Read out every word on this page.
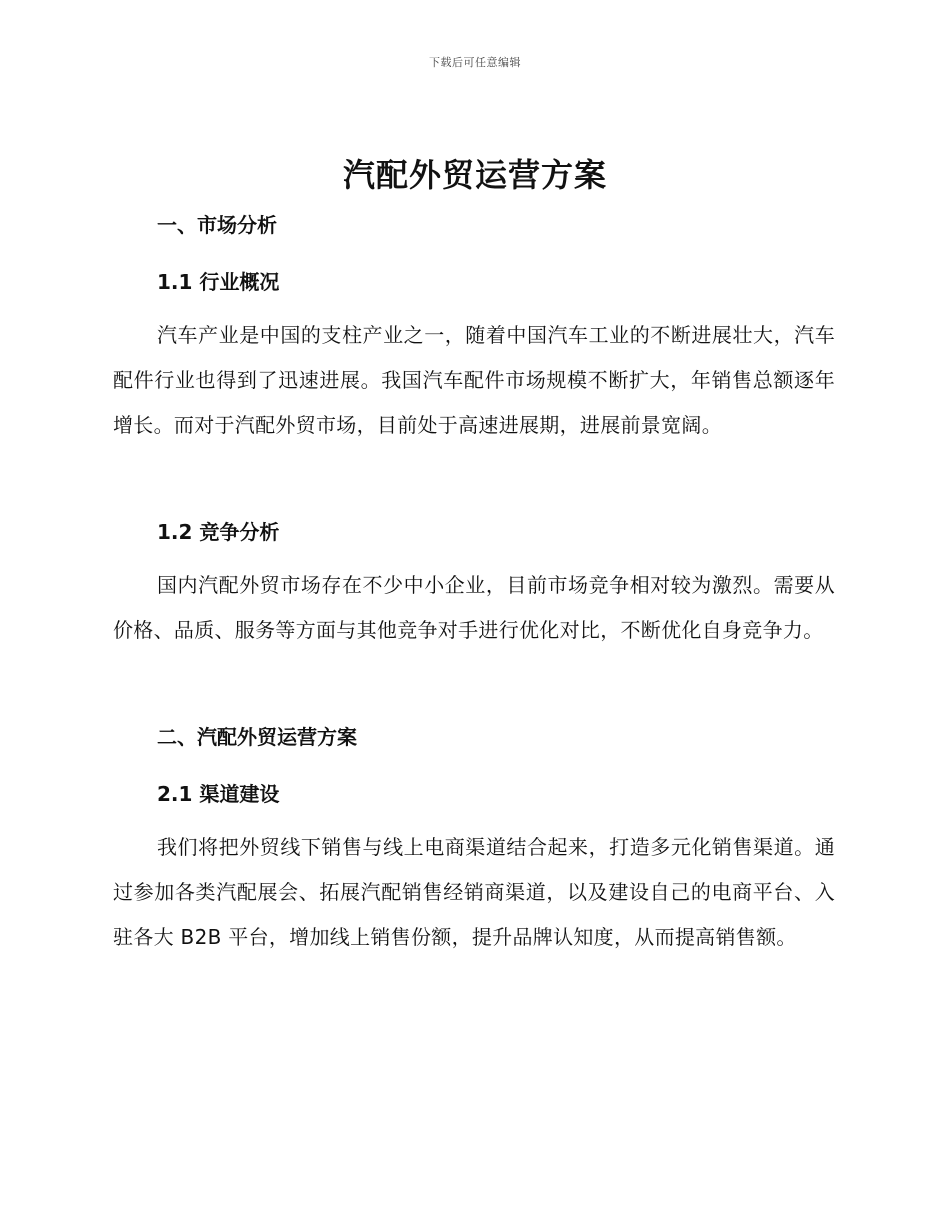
下载后可任意编辑
汽配外贸运营方案
一、市场分析
1.1 行业概况
汽车产业是中国的支柱产业之一，随着中国汽车工业的不断进展壮大，汽车配件行业也得到了迅速进展。我国汽车配件市场规模不断扩大，年销售总额逐年增长。而对于汽配外贸市场，目前处于高速进展期，进展前景宽阔。
1.2 竞争分析
国内汽配外贸市场存在不少中小企业，目前市场竞争相对较为激烈。需要从价格、品质、服务等方面与其他竞争对手进行优化对比，不断优化自身竞争力。
二、汽配外贸运营方案
2.1 渠道建设
我们将把外贸线下销售与线上电商渠道结合起来，打造多元化销售渠道。通过参加各类汽配展会、拓展汽配销售经销商渠道，以及建设自己的电商平台、入驻各大 B2B 平台，增加线上销售份额，提升品牌认知度，从而提高销售额。
